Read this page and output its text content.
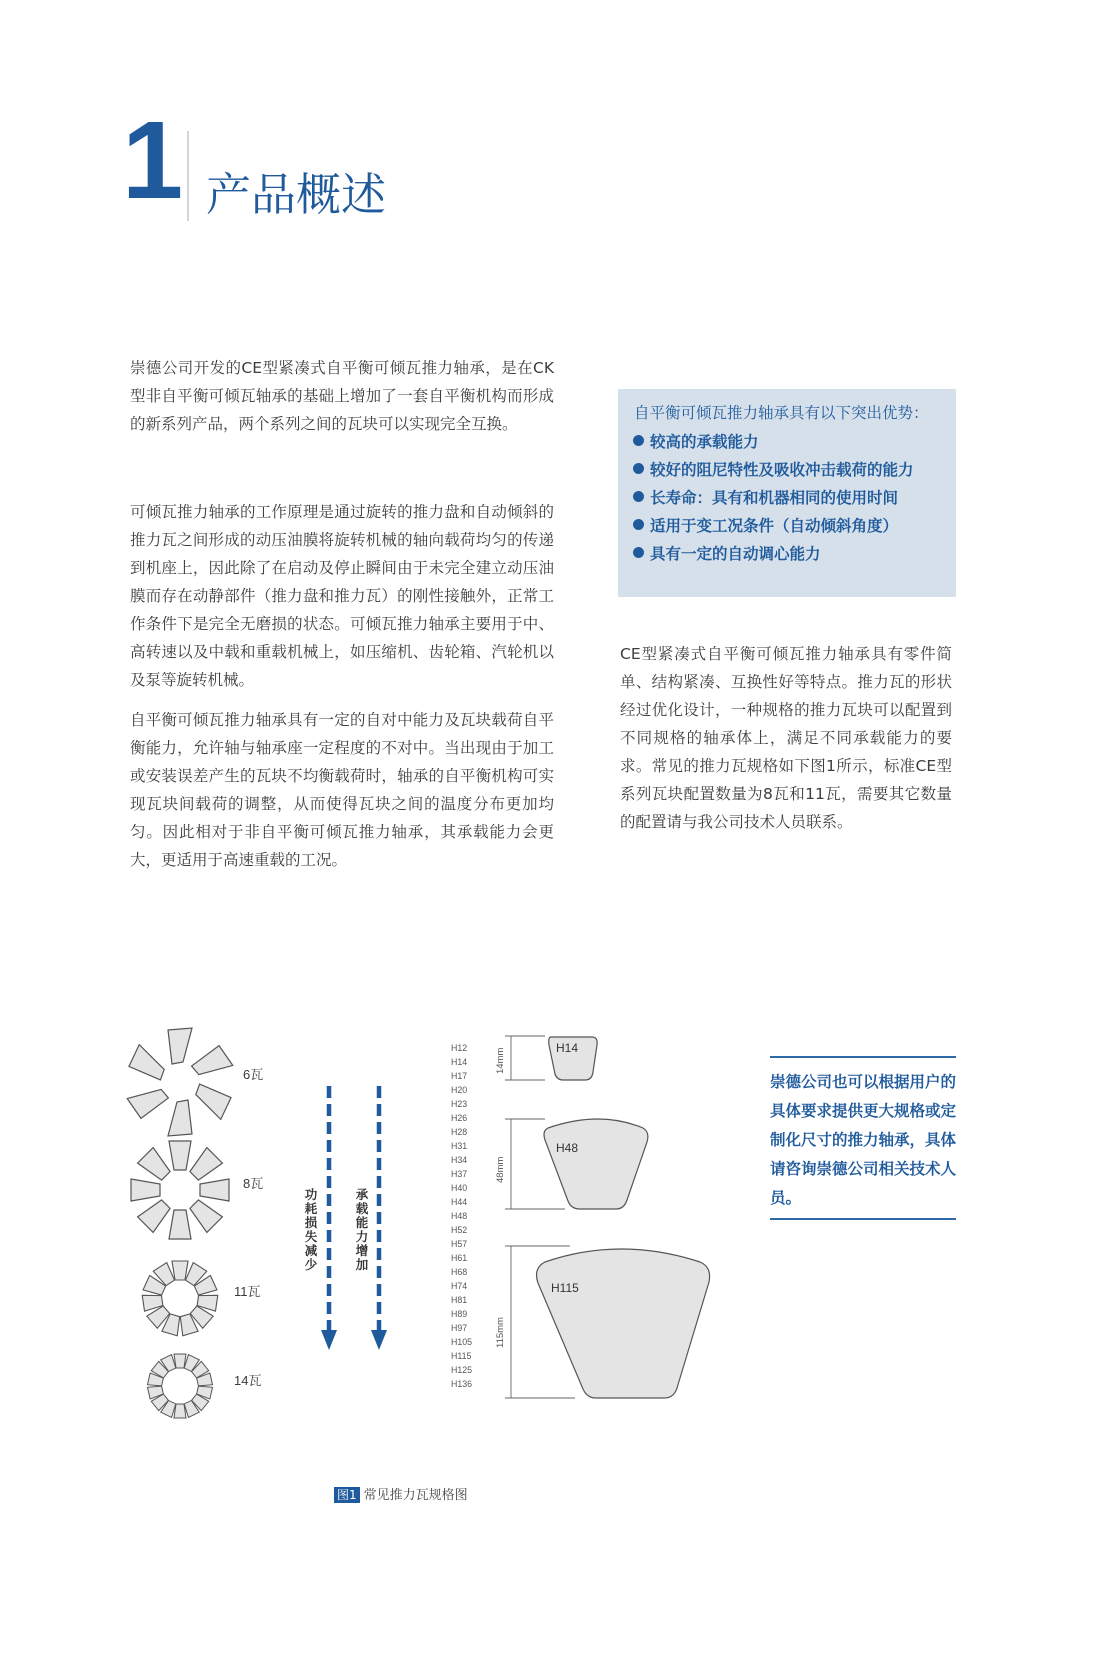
1 产品概述

崇德公司开发的CE型紧凑式自平衡可倾瓦推力轴承，是在CK型非自平衡可倾瓦轴承的基础上增加了一套自平衡机构而形成的新系列产品，两个系列之间的瓦块可以实现完全互换。

可倾瓦推力轴承的工作原理是通过旋转的推力盘和自动倾斜的推力瓦之间形成的动压油膜将旋转机械的轴向载荷均匀的传递到机座上，因此除了在启动及停止瞬间由于未完全建立动压油膜而存在动静部件（推力盘和推力瓦）的刚性接触外，正常工作条件下是完全无磨损的状态。可倾瓦推力轴承主要用于中、高转速以及中载和重载机械上，如压缩机、齿轮箱、汽轮机以及泵等旋转机械。

自平衡可倾瓦推力轴承具有一定的自对中能力及瓦块载荷自平衡能力，允许轴与轴承座一定程度的不对中。当出现由于加工或安装误差产生的瓦块不均衡载荷时，轴承的自平衡机构可实现瓦块间载荷的调整，从而使得瓦块之间的温度分布更加均匀。因此相对于非自平衡可倾瓦推力轴承，其承载能力会更大，更适用于高速重载的工况。

自平衡可倾瓦推力轴承具有以下突出优势：
较高的承载能力
较好的阻尼特性及吸收冲击载荷的能力
长寿命：具有和机器相同的使用时间
适用于变工况条件（自动倾斜角度）
具有一定的自动调心能力

CE型紧凑式自平衡可倾瓦推力轴承具有零件简单、结构紧凑、互换性好等特点。推力瓦的形状经过优化设计，一种规格的推力瓦块可以配置到不同规格的轴承体上，满足不同承载能力的要求。常见的推力瓦规格如下图1所示，标准CE型系列瓦块配置数量为8瓦和11瓦，需要其它数量的配置请与我公司技术人员联系。

崇德公司也可以根据用户的具体要求提供更大规格或定制化尺寸的推力轴承，具体请咨询崇德公司相关技术人员。
6瓦
8瓦
11瓦
14瓦
功耗损失减少
承载能力增加
H12
H14
H17
H20
H23
H26
H28
H31
H34
H37
H40
H44
H48
H52
H57
H61
H68
H74
H81
H89
H97
H105
H115
H125
H136
14mm
48mm
115mm
H14
H48
H115
图1 常见推力瓦规格图
